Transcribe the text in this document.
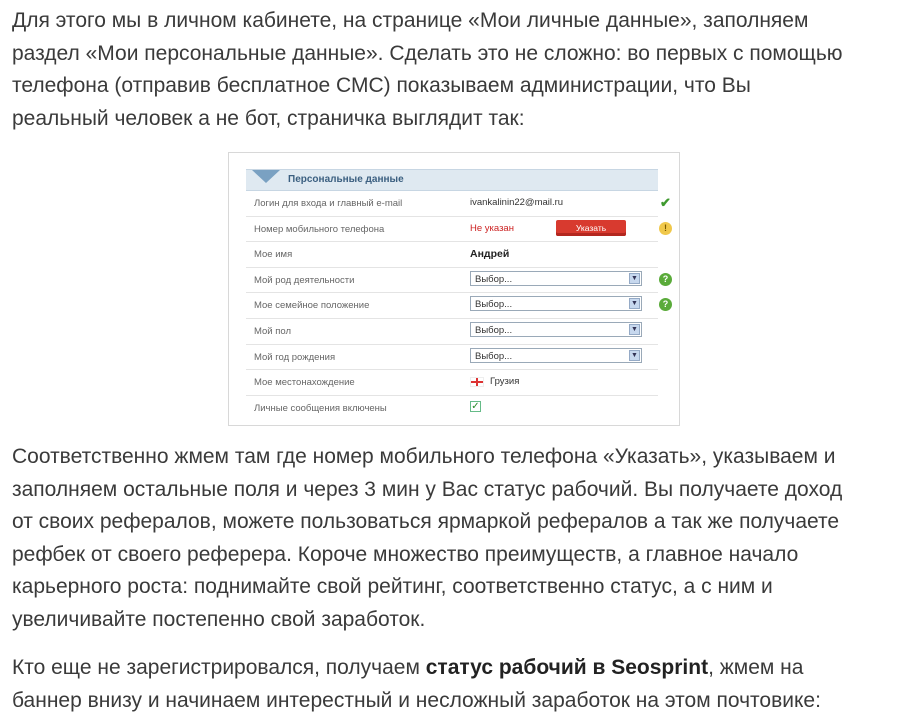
Для этого мы в личном кабинете, на странице «Мои личные данные», заполняем
раздел «Мои персональные данные». Сделать это не сложно: во первых с помощью
телефона (отправив бесплатное СМС) показываем администрации, что Вы
реальный человек а не бот, страничка выглядит так:
Персональные данные
Логин для входа и главный e-mail	ivankalinin22@mail.ru	✔
Номер мобильного телефона	Не указан	Указать	!
Мое имя	Андрей
Мой род деятельности	Выбор...	▼	?
Мое семейное положение	Выбор...	▼	?
Мой пол	Выбор...	▼
Мой год рождения	Выбор...	▼
Мое местонахождение	Грузия
Личные сообщения включены	✓
Соответственно жмем там где номер мобильного телефона «Указать», указываем и
заполняем остальные поля и через 3 мин у Вас статус рабочий. Вы получаете доход
от своих рефералов, можете пользоваться ярмаркой рефералов а так же получаете
рефбек от своего реферера. Короче множество преимуществ, а главное начало
карьерного роста: поднимайте свой рейтинг, соответственно статус, а с ним и
увеличивайте постепенно свой заработок.
Кто еще не зарегистрировался, получаем статус рабочий в Seosprint, жмем на
баннер внизу и начинаем интерестный и несложный заработок на этом почтовике:
